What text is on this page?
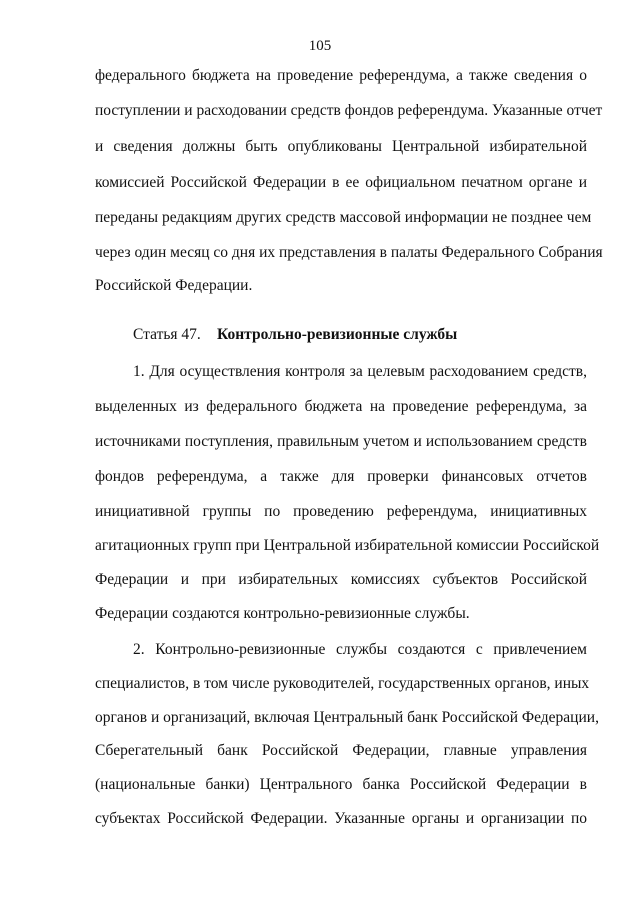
105
федерального бюджета на проведение референдума, а также сведения о
поступлении и расходовании средств фондов референдума. Указанные отчет
и сведения должны быть опубликованы Центральной избирательной
комиссией Российской Федерации в ее официальном печатном органе и
переданы редакциям других средств массовой информации не позднее чем
через один месяц со дня их представления в палаты Федерального Собрания
Российской Федерации.
Статья 47. Контрольно-ревизионные службы
1. Для осуществления контроля за целевым расходованием средств,
выделенных из федерального бюджета на проведение референдума, за
источниками поступления, правильным учетом и использованием средств
фондов референдума, а также для проверки финансовых отчетов
инициативной группы по проведению референдума, инициативных
агитационных групп при Центральной избирательной комиссии Российской
Федерации и при избирательных комиссиях субъектов Российской
Федерации создаются контрольно-ревизионные службы.
2. Контрольно-ревизионные службы создаются с привлечением
специалистов, в том числе руководителей, государственных органов, иных
органов и организаций, включая Центральный банк Российской Федерации,
Сберегательный банк Российской Федерации, главные управления
(национальные банки) Центрального банка Российской Федерации в
субъектах Российской Федерации. Указанные органы и организации по
